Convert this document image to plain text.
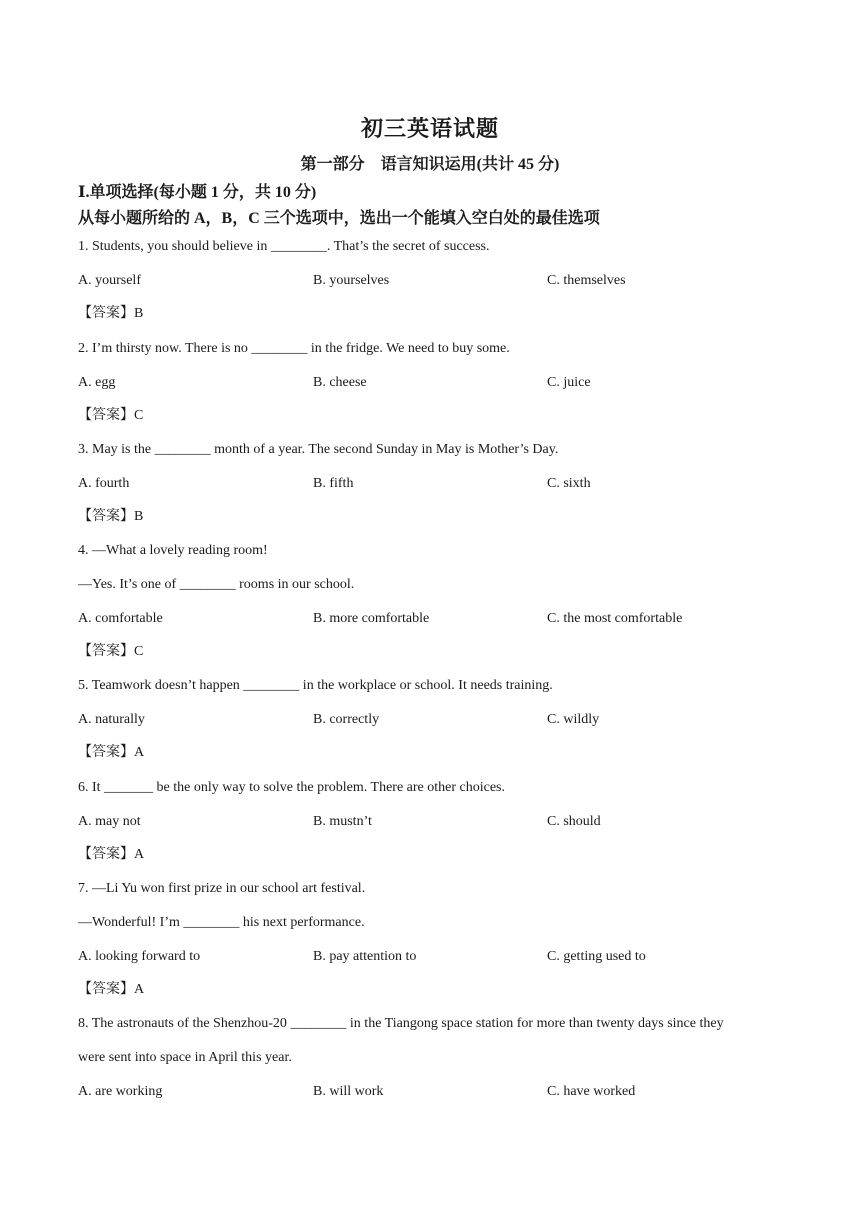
初三英语试题
第一部分　语言知识运用(共计 45 分)
Ⅰ.单项选择(每小题 1 分，共 10 分)
从每小题所给的 A，B，C 三个选项中，选出一个能填入空白处的最佳选项
1. Students, you should believe in ________. That’s the secret of success.
A. yourself	B. yourselves	C. themselves
【答案】B
2. I’m thirsty now. There is no ________ in the fridge. We need to buy some.
A. egg	B. cheese	C. juice
【答案】C
3. May is the ________ month of a year. The second Sunday in May is Mother’s Day.
A. fourth	B. fifth	C. sixth
【答案】B
4. —What a lovely reading room!
—Yes. It’s one of ________ rooms in our school.
A. comfortable	B. more comfortable	C. the most comfortable
【答案】C
5. Teamwork doesn’t happen ________ in the workplace or school. It needs training.
A. naturally	B. correctly	C. wildly
【答案】A
6. It _______ be the only way to solve the problem. There are other choices.
A. may not	B. mustn’t	C. should
【答案】A
7. —Li Yu won first prize in our school art festival.
—Wonderful! I’m ________ his next performance.
A. looking forward to	B. pay attention to	C. getting used to
【答案】A
8. The astronauts of the Shenzhou-20 ________ in the Tiangong space station for more than twenty days since they
were sent into space in April this year.
A. are working	B. will work	C. have worked
